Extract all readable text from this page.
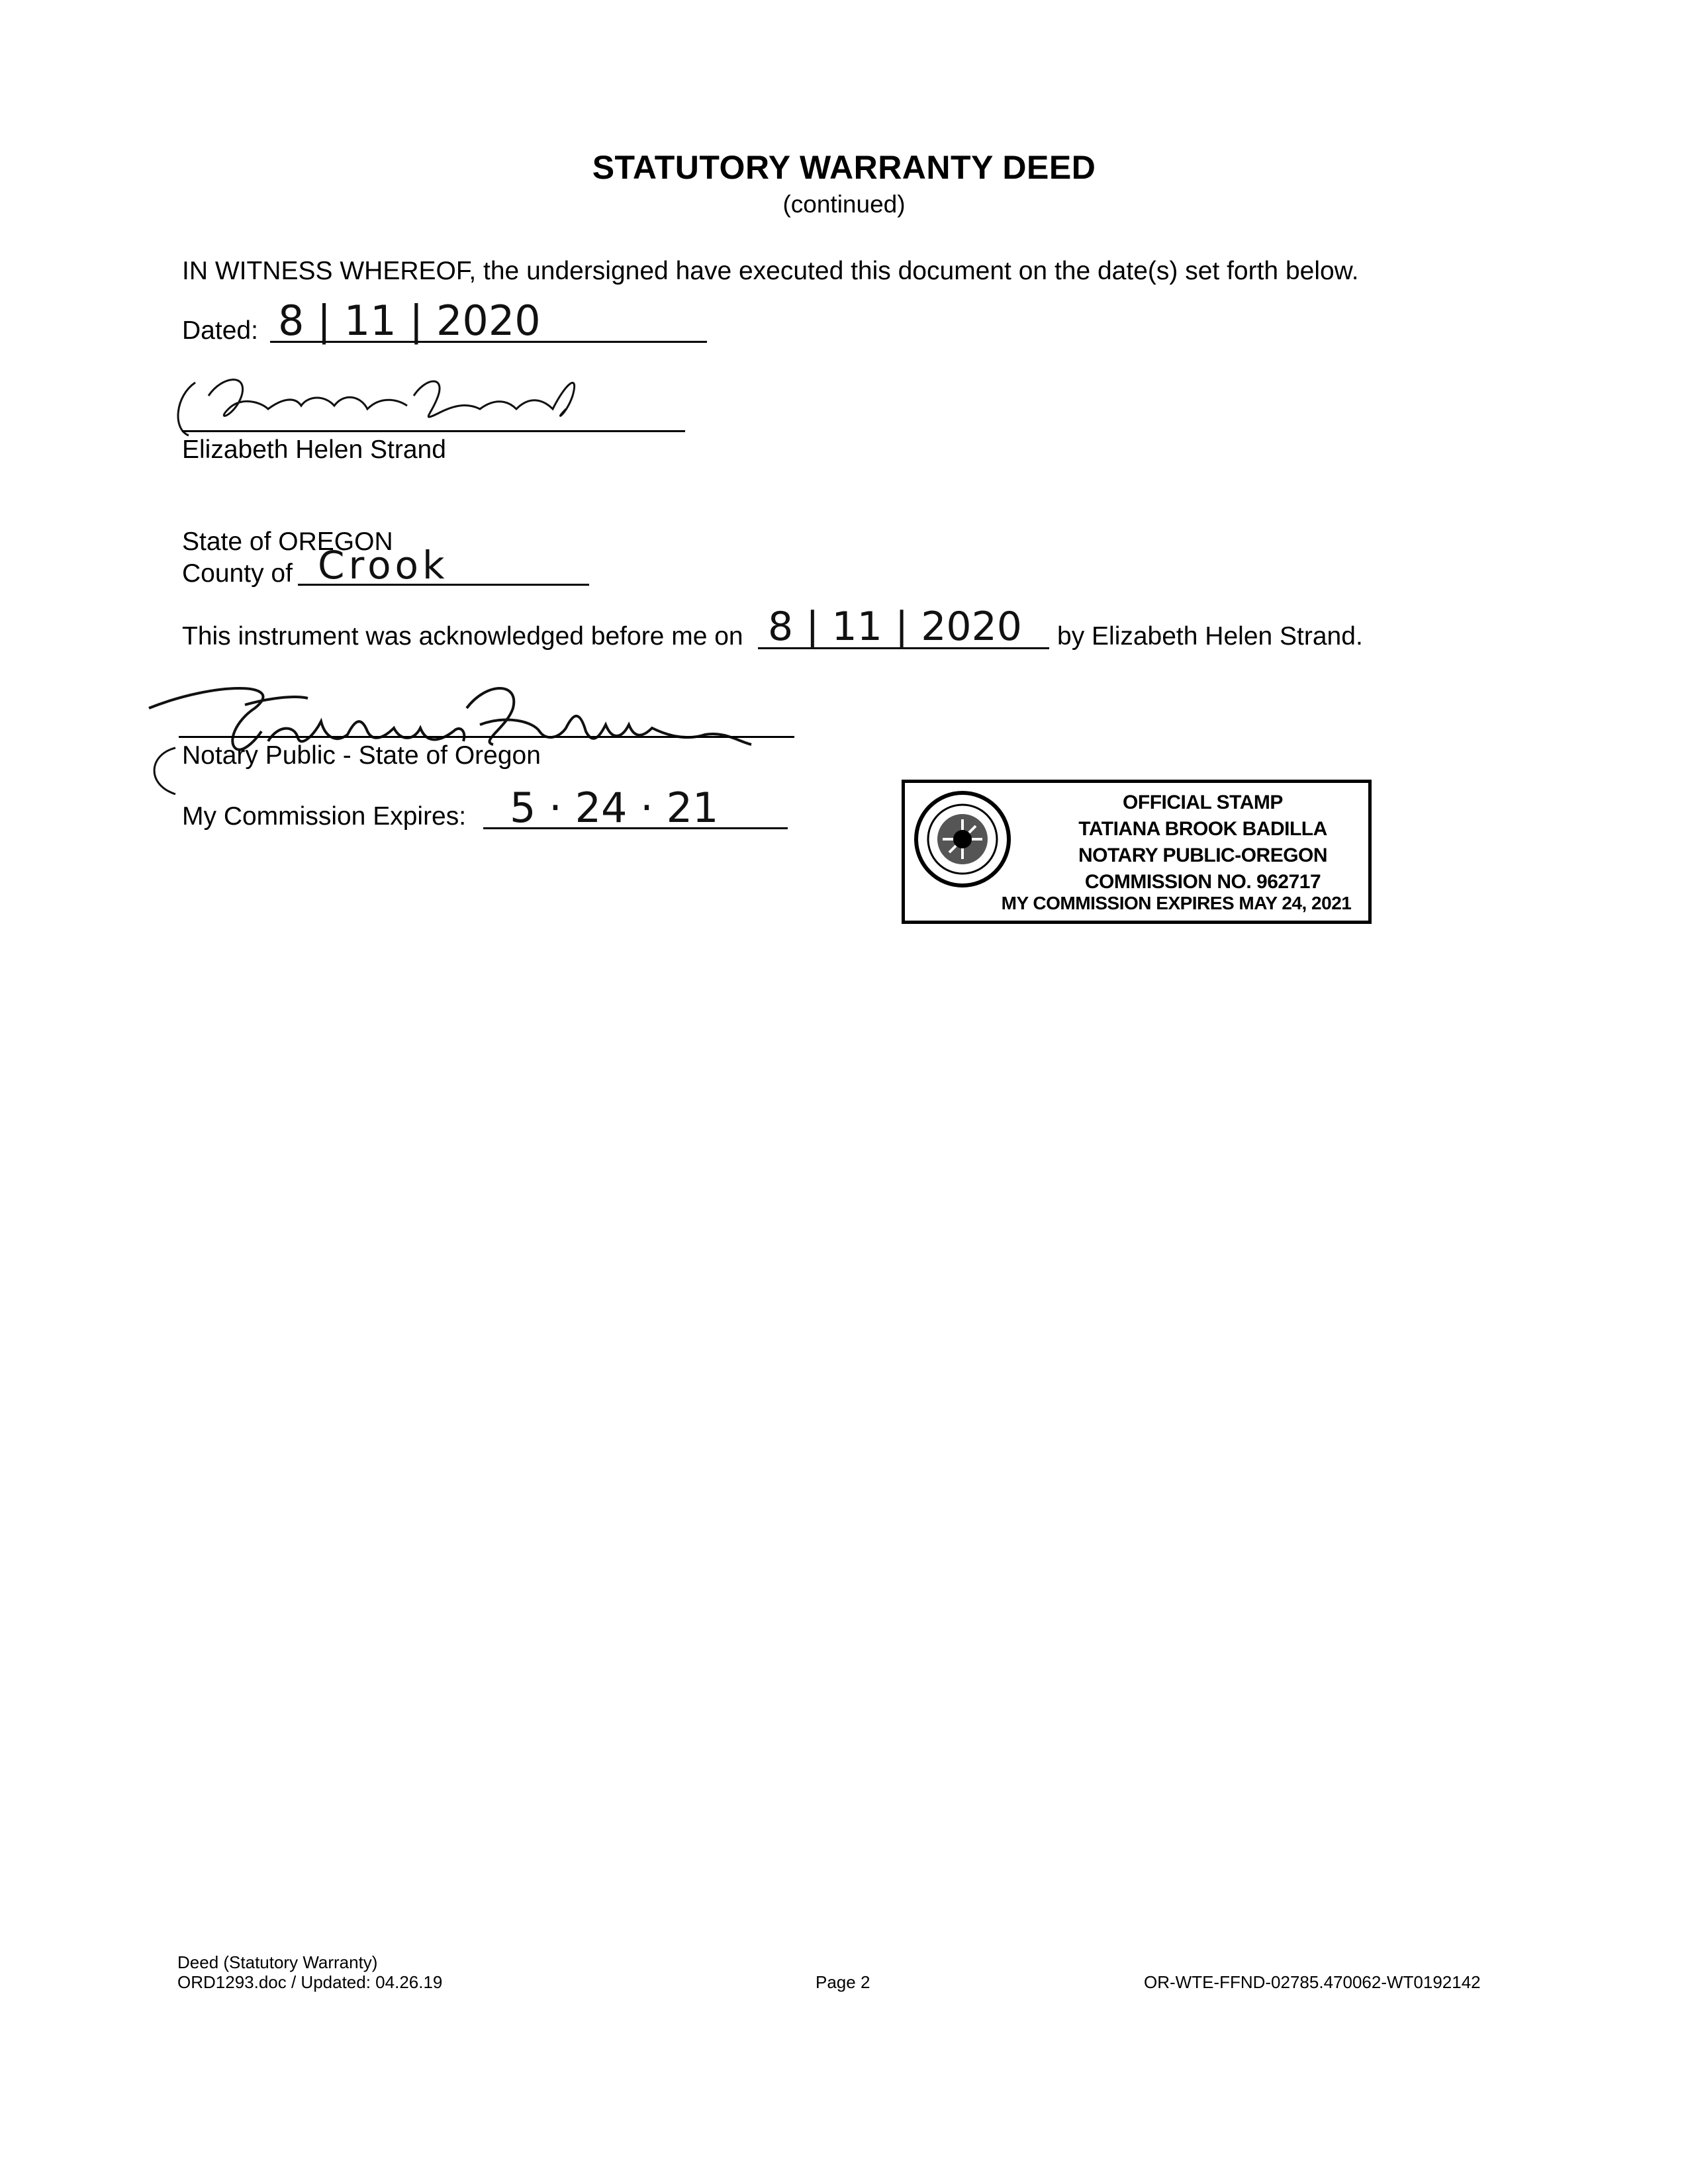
STATUTORY WARRANTY DEED
(continued)
IN WITNESS WHEREOF, the undersigned have executed this document on the date(s) set forth below.
Dated: 8 | 11 | 2020
Elizabeth Helen Strand
State of OREGON
County of Crook
This instrument was acknowledged before me on 8 | 11 | 2020 by Elizabeth Helen Strand.
Notary Public - State of Oregon
My Commission Expires: 5 · 24 · 21	OFFICIAL STAMP
TATIANA BROOK BADILLA
NOTARY PUBLIC-OREGON
COMMISSION NO. 962717
MY COMMISSION EXPIRES MAY 24, 2021
Deed (Statutory Warranty)
ORD1293.doc / Updated: 04.26.19	Page 2	OR-WTE-FFND-02785.470062-WT0192142
